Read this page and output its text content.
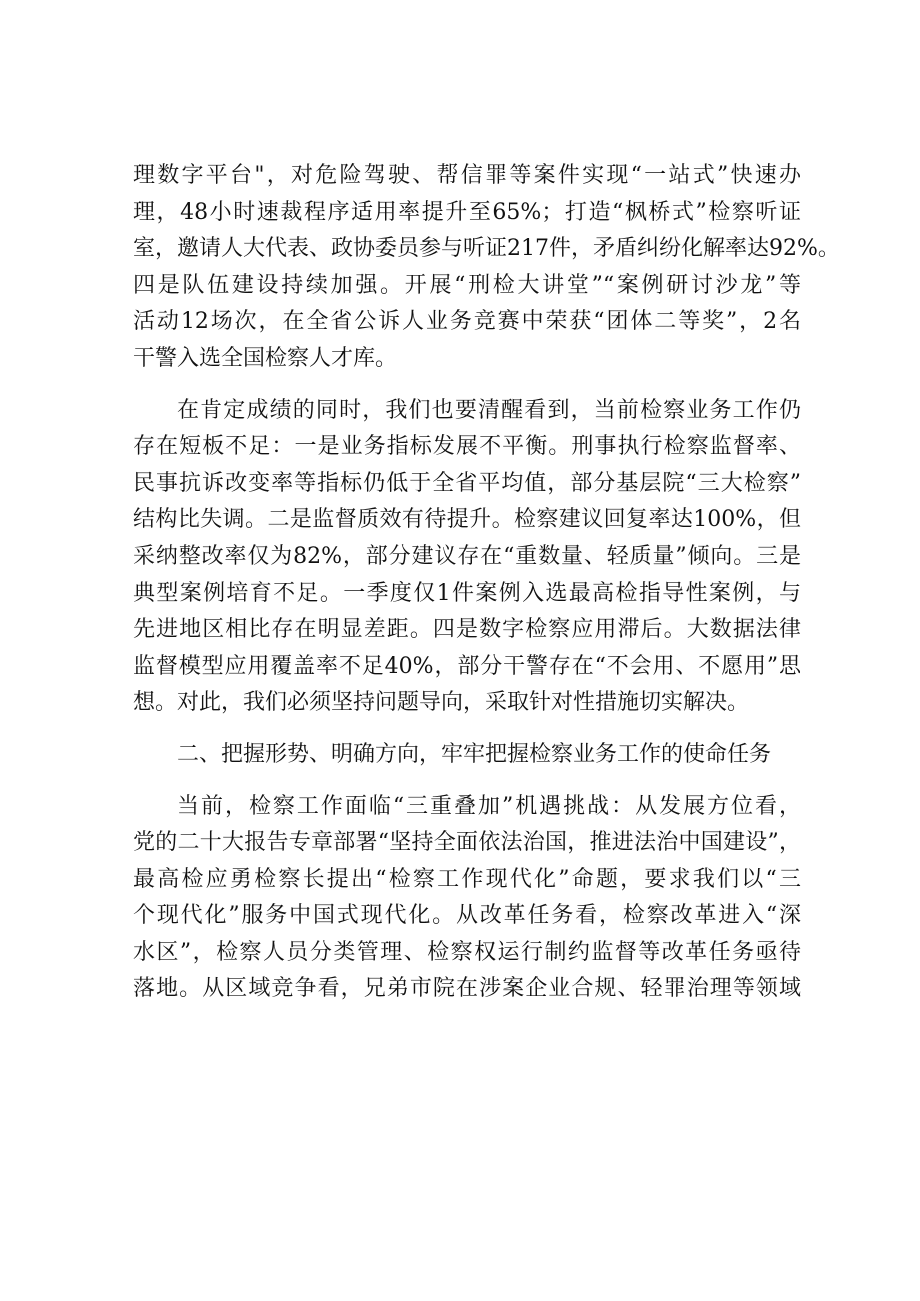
理数字平台"，对危险驾驶、帮信罪等案件实现“一站式”快速办
理，48小时速裁程序适用率提升至65%；打造“枫桥式”检察听证
室，邀请人大代表、政协委员参与听证217件，矛盾纠纷化解率达92%。
四是队伍建设持续加强。开展“刑检大讲堂”“案例研讨沙龙”等
活动12场次，在全省公诉人业务竞赛中荣获“团体二等奖”，2名
干警入选全国检察人才库。
在肯定成绩的同时，我们也要清醒看到，当前检察业务工作仍
存在短板不足：一是业务指标发展不平衡。刑事执行检察监督率、
民事抗诉改变率等指标仍低于全省平均值，部分基层院“三大检察”
结构比失调。二是监督质效有待提升。检察建议回复率达100%，但
采纳整改率仅为82%，部分建议存在“重数量、轻质量”倾向。三是
典型案例培育不足。一季度仅1件案例入选最高检指导性案例，与
先进地区相比存在明显差距。四是数字检察应用滞后。大数据法律
监督模型应用覆盖率不足40%，部分干警存在“不会用、不愿用”思
想。对此，我们必须坚持问题导向，采取针对性措施切实解决。
二、把握形势、明确方向，牢牢把握检察业务工作的使命任务
当前，检察工作面临“三重叠加”机遇挑战：从发展方位看，
党的二十大报告专章部署“坚持全面依法治国，推进法治中国建设”，
最高检应勇检察长提出“检察工作现代化”命题，要求我们以“三
个现代化”服务中国式现代化。从改革任务看，检察改革进入“深
水区”，检察人员分类管理、检察权运行制约监督等改革任务亟待
落地。从区域竞争看，兄弟市院在涉案企业合规、轻罪治理等领域
